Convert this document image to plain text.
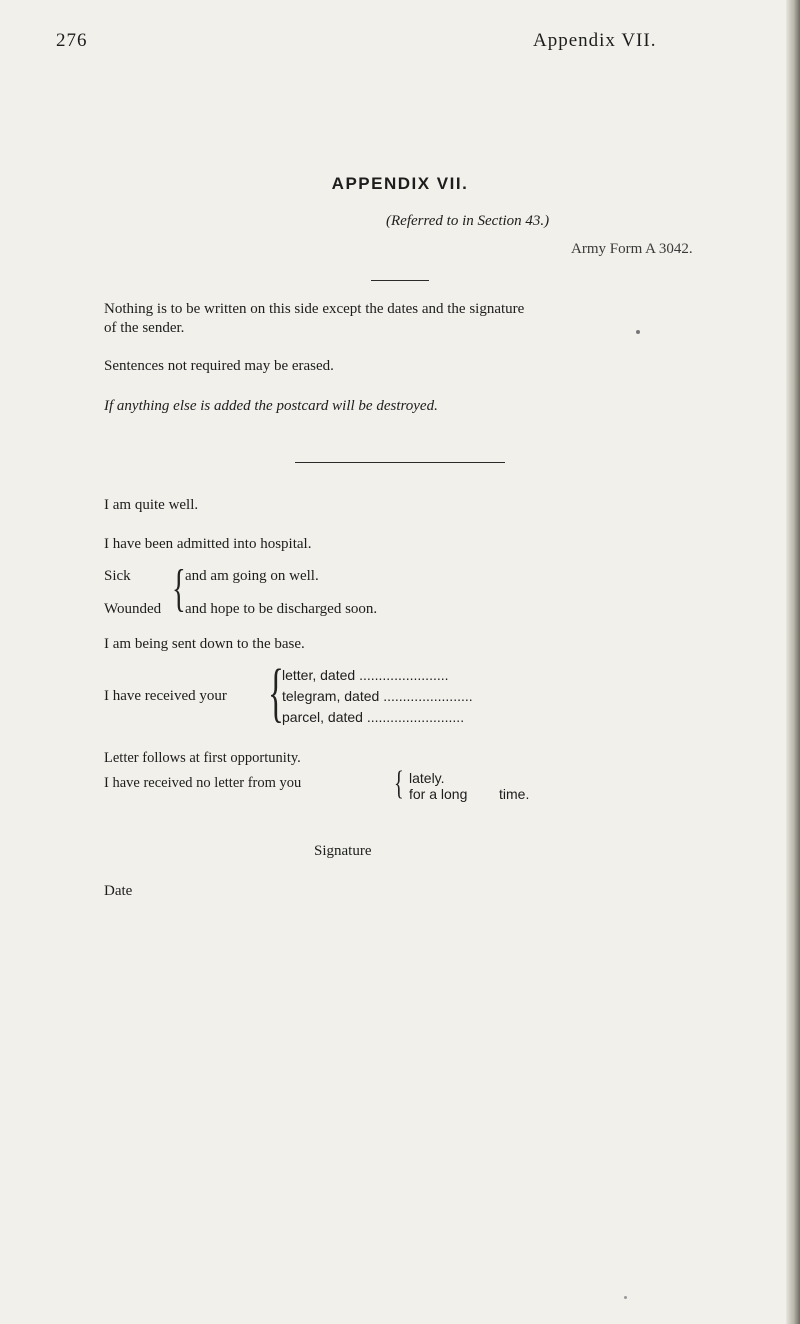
276	Appendix VII.
APPENDIX VII.
(Referred to in Section 43.)
Army Form A 3042.
Nothing is to be written on this side except the dates and the signature
of the sender.
Sentences not required may be erased.
If anything else is added the postcard will be destroyed.
I am quite well.
I have been admitted into hospital.
Sick
Wounded { and am going on well.
and hope to be discharged soon.
I am being sent down to the base.
I have received your {
letter, dated .......................
telegram, dated .......................
parcel, dated .........................
Letter follows at first opportunity.
I have received no letter from you	{ lately.
for a long time.
Signature
Date
